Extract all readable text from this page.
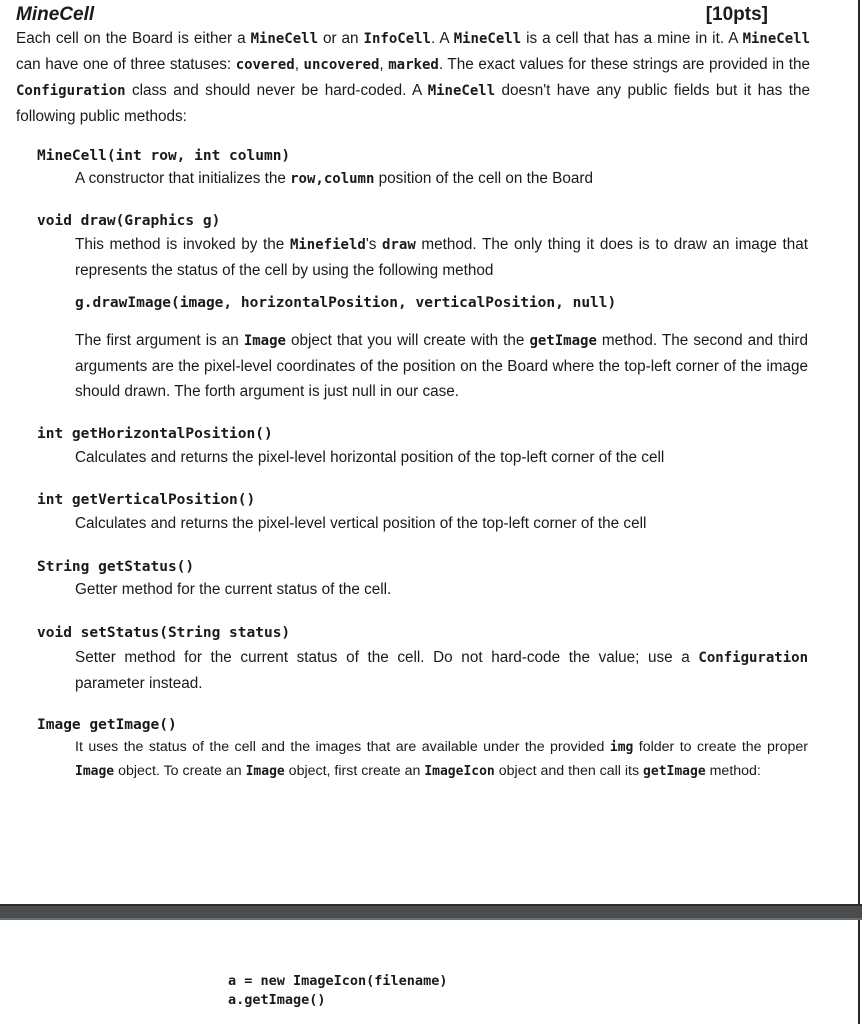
MineCell	[10pts]
Each cell on the Board is either a MineCell or an InfoCell. A MineCell is a cell that has a mine in it. A MineCell can have one of three statuses: covered, uncovered, marked. The exact values for these strings are provided in the Configuration class and should never be hard-coded. A MineCell doesn't have any public fields but it has the following public methods:
MineCell(int row, int column)
A constructor that initializes the row,column position of the cell on the Board
void draw(Graphics g)
This method is invoked by the Minefield's draw method. The only thing it does is to draw an image that represents the status of the cell by using the following method
g.drawImage(image, horizontalPosition, verticalPosition, null)
The first argument is an Image object that you will create with the getImage method. The second and third arguments are the pixel-level coordinates of the position on the Board where the top-left corner of the image should drawn. The forth argument is just null in our case.
int getHorizontalPosition()
Calculates and returns the pixel-level horizontal position of the top-left corner of the cell
int getVerticalPosition()
Calculates and returns the pixel-level vertical position of the top-left corner of the cell
String getStatus()
Getter method for the current status of the cell.
void setStatus(String status)
Setter method for the current status of the cell. Do not hard-code the value; use a Configuration parameter instead.
Image getImage()
It uses the status of the cell and the images that are available under the provided img folder to create the proper Image object. To create an Image object, first create an ImageIcon object and then call its getImage method:
a = new ImageIcon(filename)
a.getImage()
